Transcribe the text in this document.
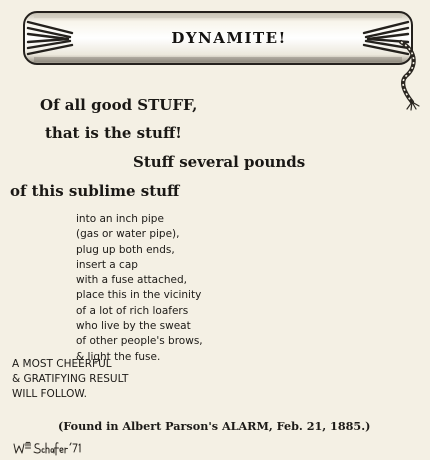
DYNAMITE!
Of all good STUFF,
that is the stuff!
Stuff several pounds
of this sublime stuff
into an inch pipe
(gas or water pipe),
plug up both ends,
insert a cap
with a fuse attached,
place this in the vicinity
of a lot of rich loafers
who live by the sweat
of other people's brows,
& light the fuse.
A MOST CHEERFUL
& GRATIFYING RESULT
WILL FOLLOW.
(Found in Albert Parson's ALARM, Feb. 21, 1885.)
